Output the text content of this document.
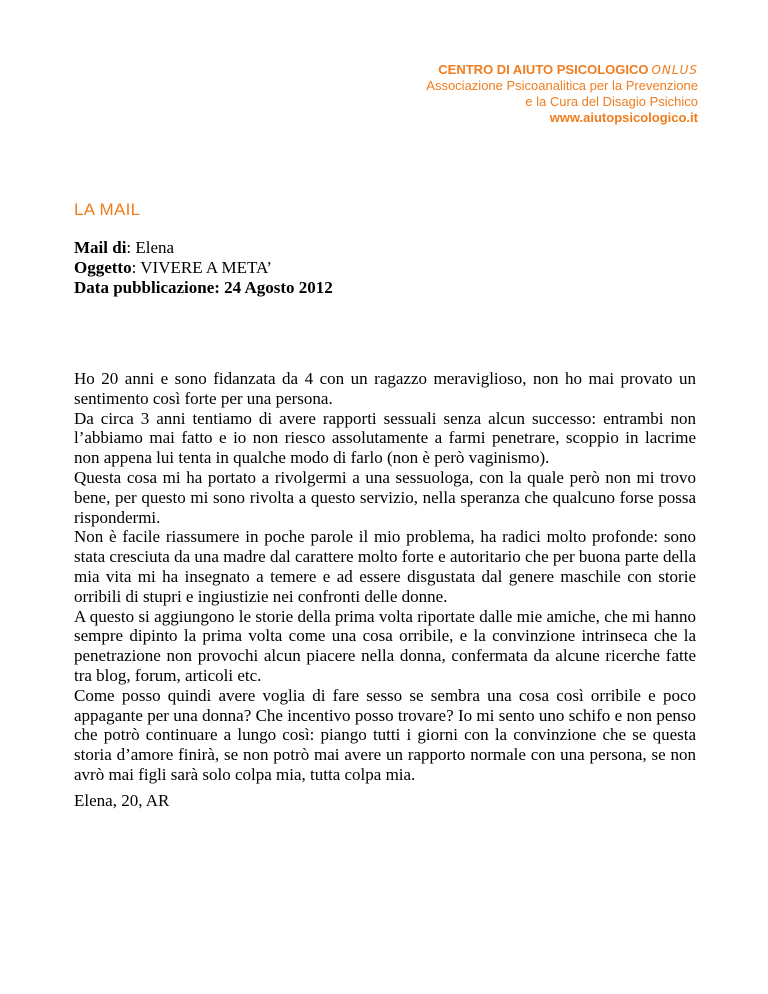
CENTRO DI AIUTO PSICOLOGICO ONLUS
Associazione Psicoanalitica per la Prevenzione
e la Cura del Disagio Psichico
www.aiutopsicologico.it
LA MAIL
Mail di: Elena
Oggetto: VIVERE A META’
Data pubblicazione: 24 Agosto 2012

Ho 20 anni e sono fidanzata da 4 con un ragazzo meraviglioso, non ho mai provato un sentimento così forte per una persona.

Da circa 3 anni tentiamo di avere rapporti sessuali senza alcun successo: entrambi non l’abbiamo mai fatto e io non riesco assolutamente a farmi penetrare, scoppio in lacrime non appena lui tenta in qualche modo di farlo (non è però vaginismo).

Questa cosa mi ha portato a rivolgermi a una sessuologa, con la quale però non mi trovo bene, per questo mi sono rivolta a questo servizio, nella speranza che qualcuno forse possa rispondermi.

Non è facile riassumere in poche parole il mio problema, ha radici molto profonde: sono stata cresciuta da una madre dal carattere molto forte e autoritario che per buona parte della mia vita mi ha insegnato a temere e ad essere disgustata dal genere maschile con storie orribili di stupri e ingiustizie nei confronti delle donne.

A questo si aggiungono le storie della prima volta riportate dalle mie amiche, che mi hanno sempre dipinto la prima volta come una cosa orribile, e la convinzione intrinseca che la penetrazione non provochi alcun piacere nella donna, confermata da alcune ricerche fatte tra blog, forum, articoli etc.

Come posso quindi avere voglia di fare sesso se sembra una cosa così orribile e poco appagante per una donna? Che incentivo posso trovare? Io mi sento uno schifo e non penso che potrò continuare a lungo così: piango tutti i giorni con la convinzione che se questa storia d’amore finirà, se non potrò mai avere un rapporto normale con una persona, se non avrò mai figli sarà solo colpa mia, tutta colpa mia.

Elena, 20, AR
